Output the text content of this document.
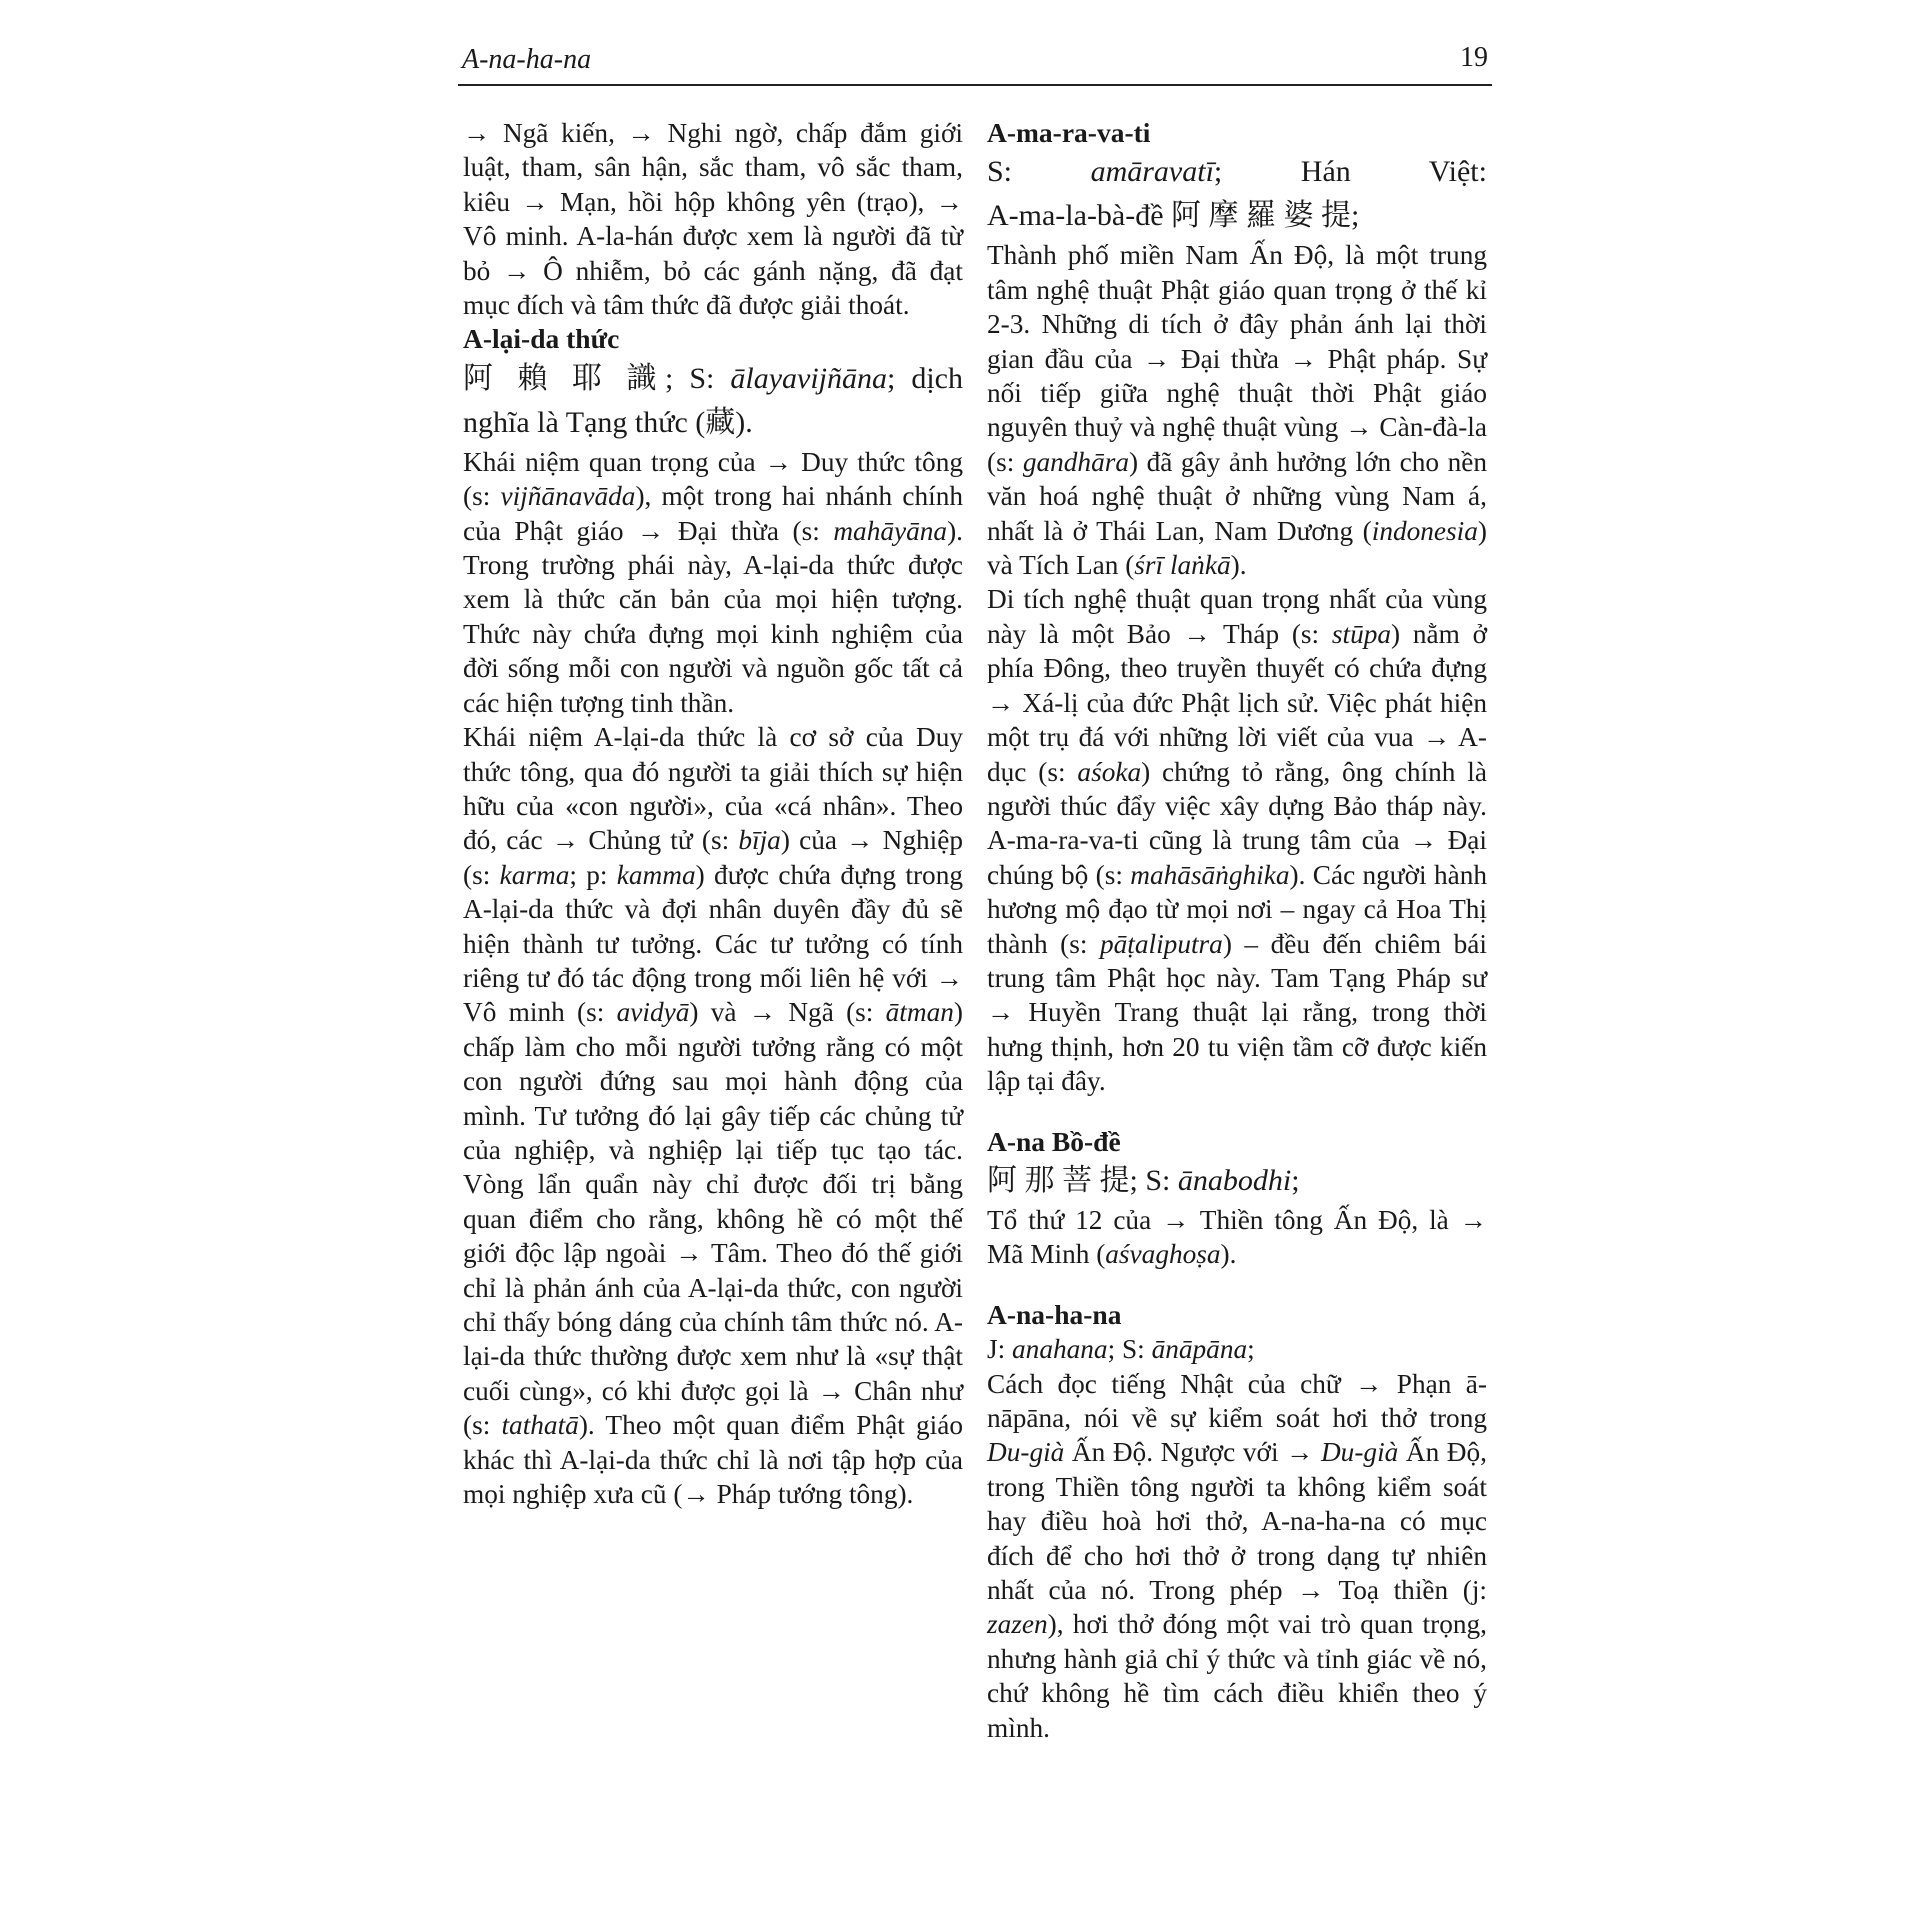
A-na-ha-na	19

→ Ngã kiến, → Nghi ngờ, chấp đắm giới luật, tham, sân hận, sắc tham, vô sắc tham, kiêu → Mạn, hồi hộp không yên (trạo), → Vô minh. A-la-hán được xem là người đã từ bỏ → Ô nhiễm, bỏ các gánh nặng, đã đạt mục đích và tâm thức đã được giải thoát.

A-lại-da thức

阿 賴 耶 識; S: ālayavijñāna; dịch

nghĩa là Tạng thức (藏).

Khái niệm quan trọng của → Duy thức tông (s: vijñānavāda), một trong hai nhánh chính của Phật giáo → Đại thừa (s: mahāyāna). Trong trường phái này, A-lại-da thức được xem là thức căn bản của mọi hiện tượng. Thức này chứa đựng mọi kinh nghiệm của đời sống mỗi con người và nguồn gốc tất cả các hiện tượng tinh thần.

Khái niệm A-lại-da thức là cơ sở của Duy thức tông, qua đó người ta giải thích sự hiện hữu của «con người», của «cá nhân». Theo đó, các → Chủng tử (s: bīja) của → Nghiệp (s: karma; p: kamma) được chứa đựng trong A-lại-da thức và đợi nhân duyên đầy đủ sẽ hiện thành tư tưởng. Các tư tưởng có tính riêng tư đó tác động trong mối liên hệ với → Vô minh (s: avidyā) và → Ngã (s: ātman) chấp làm cho mỗi người tưởng rằng có một con người đứng sau mọi hành động của mình. Tư tưởng đó lại gây tiếp các chủng tử của nghiệp, và nghiệp lại tiếp tục tạo tác. Vòng lẩn quẩn này chỉ được đối trị bằng quan điểm cho rằng, không hề có một thế giới độc lập ngoài → Tâm. Theo đó thế giới chỉ là phản ánh của A-lại-da thức, con người chỉ thấy bóng dáng của chính tâm thức nó. A-lại-da thức thường được xem như là «sự thật cuối cùng», có khi được gọi là → Chân như (s: tathatā). Theo một quan điểm Phật giáo khác thì A-lại-da thức chỉ là nơi tập hợp của mọi nghiệp xưa cũ (→ Pháp tướng tông).

A-ma-ra-va-ti

S: amāravatī; Hán Việt:

A-ma-la-bà-đề 阿 摩 羅 婆 提;

Thành phố miền Nam Ấn Độ, là một trung tâm nghệ thuật Phật giáo quan trọng ở thế kỉ 2-3. Những di tích ở đây phản ánh lại thời gian đầu của → Đại thừa → Phật pháp. Sự nối tiếp giữa nghệ thuật thời Phật giáo nguyên thuỷ và nghệ thuật vùng → Càn-đà-la (s: gandhāra) đã gây ảnh hưởng lớn cho nền văn hoá nghệ thuật ở những vùng Nam á, nhất là ở Thái Lan, Nam Dương (indonesia) và Tích Lan (śrī laṅkā).

Di tích nghệ thuật quan trọng nhất của vùng này là một Bảo → Tháp (s: stūpa) nằm ở phía Đông, theo truyền thuyết có chứa đựng → Xá-lị của đức Phật lịch sử. Việc phát hiện một trụ đá với những lời viết của vua → A-dục (s: aśoka) chứng tỏ rằng, ông chính là người thúc đẩy việc xây dựng Bảo tháp này. A-ma-ra-va-ti cũng là trung tâm của → Đại chúng bộ (s: mahāsāṅghika). Các người hành hương mộ đạo từ mọi nơi – ngay cả Hoa Thị thành (s: pāṭaliputra) – đều đến chiêm bái trung tâm Phật học này. Tam Tạng Pháp sư → Huyền Trang thuật lại rằng, trong thời hưng thịnh, hơn 20 tu viện tầm cỡ được kiến lập tại đây.

A-na Bồ-đề

阿 那 菩 提; S: ānabodhi;

Tổ thứ 12 của → Thiền tông Ấn Độ, là → Mã Minh (aśvaghoṣa).

A-na-ha-na

J: anahana; S: ānāpāna;

Cách đọc tiếng Nhật của chữ → Phạn ā-nāpāna, nói về sự kiểm soát hơi thở trong Du-già Ấn Độ. Ngược với → Du-già Ấn Độ, trong Thiền tông người ta không kiểm soát hay điều hoà hơi thở, A-na-ha-na có mục đích để cho hơi thở ở trong dạng tự nhiên nhất của nó. Trong phép → Toạ thiền (j: zazen), hơi thở đóng một vai trò quan trọng, nhưng hành giả chỉ ý thức và tỉnh giác về nó, chứ không hề tìm cách điều khiển theo ý mình.
